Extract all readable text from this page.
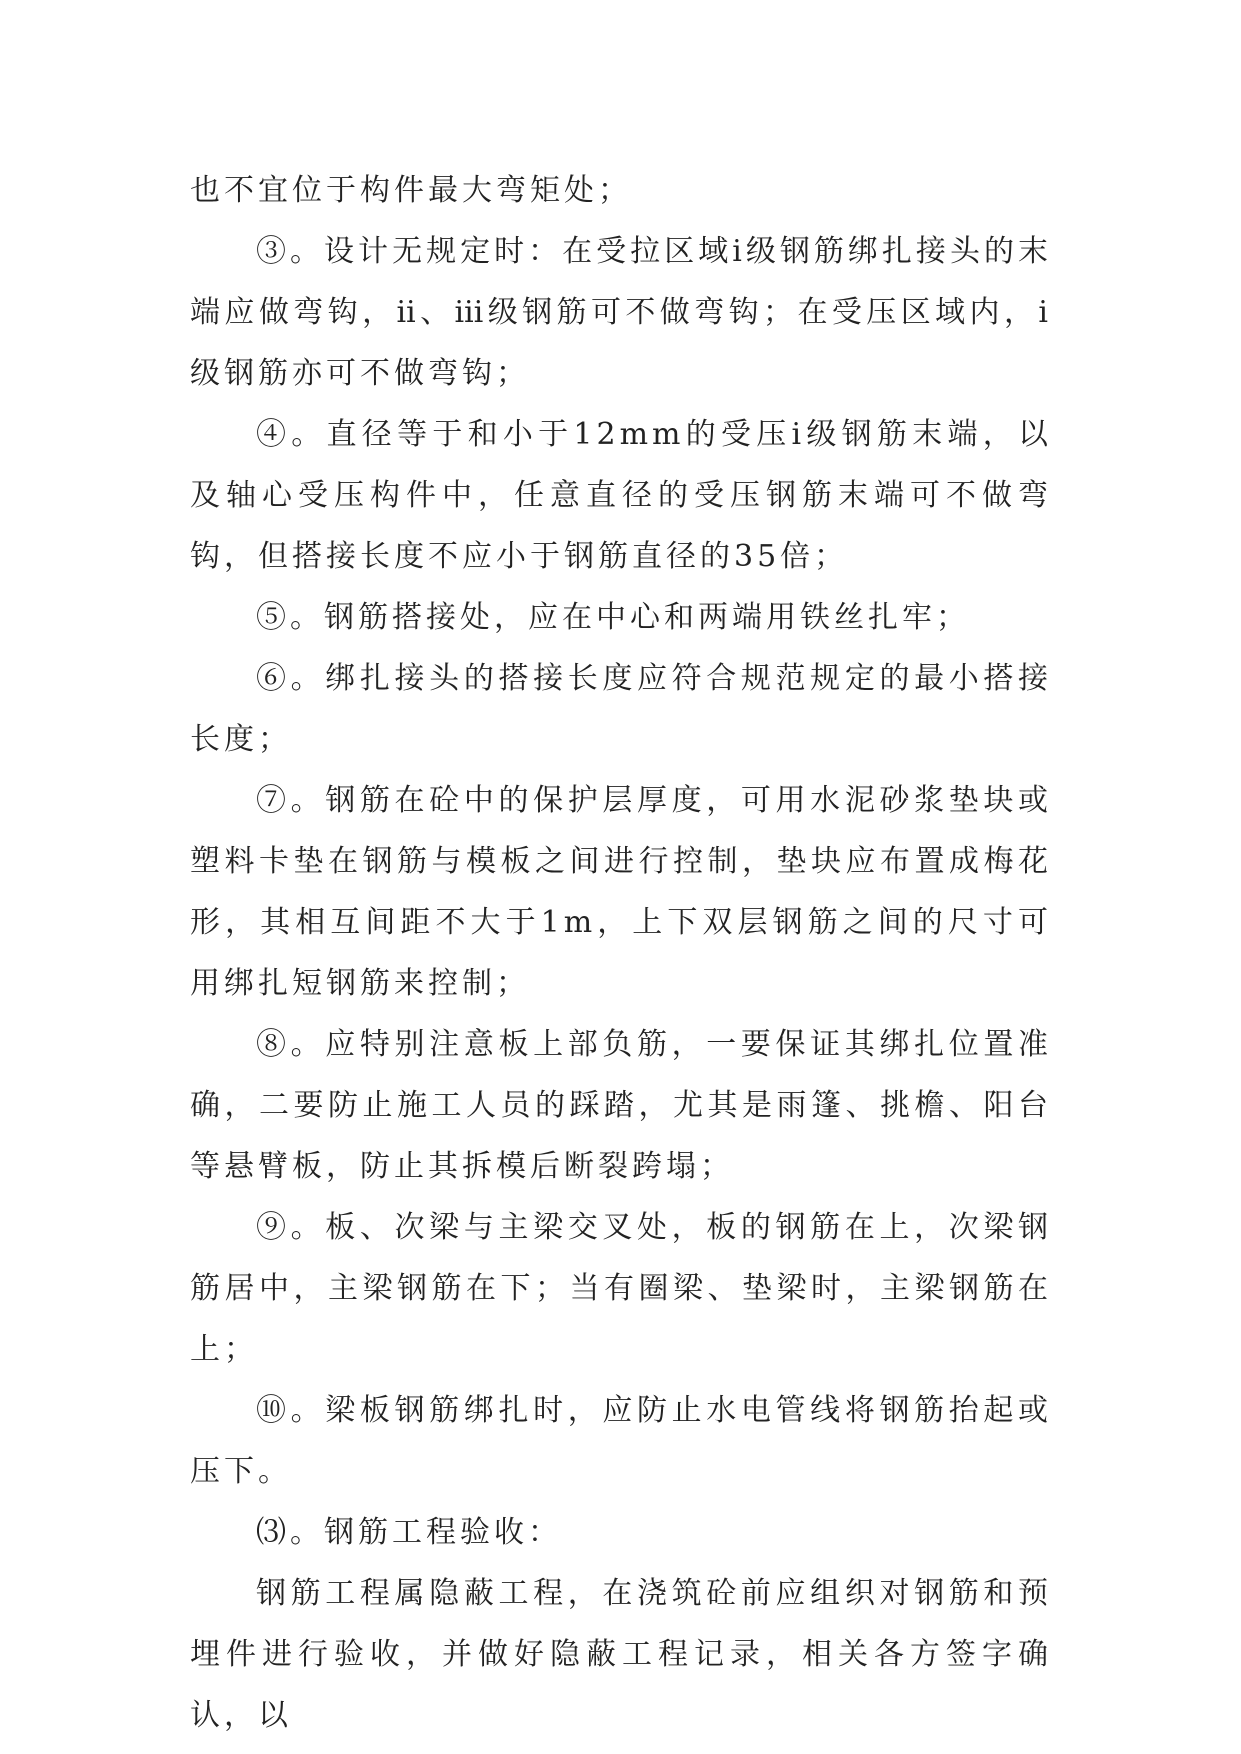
也不宜位于构件最大弯矩处；

③。设计无规定时：在受拉区域ⅰ级钢筋绑扎接头的末端应做弯钩，ⅱ、ⅲ级钢筋可不做弯钩；在受压区域内，ⅰ级钢筋亦可不做弯钩；

④。直径等于和小于12mm的受压ⅰ级钢筋末端，以及轴心受压构件中，任意直径的受压钢筋末端可不做弯钩，但搭接长度不应小于钢筋直径的35倍；

⑤。钢筋搭接处，应在中心和两端用铁丝扎牢；

⑥。绑扎接头的搭接长度应符合规范规定的最小搭接长度；

⑦。钢筋在砼中的保护层厚度，可用水泥砂浆垫块或塑料卡垫在钢筋与模板之间进行控制，垫块应布置成梅花形，其相互间距不大于1m，上下双层钢筋之间的尺寸可用绑扎短钢筋来控制；

⑧。应特别注意板上部负筋，一要保证其绑扎位置准确，二要防止施工人员的踩踏，尤其是雨篷、挑檐、阳台等悬臂板，防止其拆模后断裂跨塌；

⑨。板、次梁与主梁交叉处，板的钢筋在上，次梁钢筋居中，主梁钢筋在下；当有圈梁、垫梁时，主梁钢筋在上；

⑩。梁板钢筋绑扎时，应防止水电管线将钢筋抬起或压下。

⑶。钢筋工程验收：

钢筋工程属隐蔽工程，在浇筑砼前应组织对钢筋和预埋件进行验收，并做好隐蔽工程记录，相关各方签字确认，以
